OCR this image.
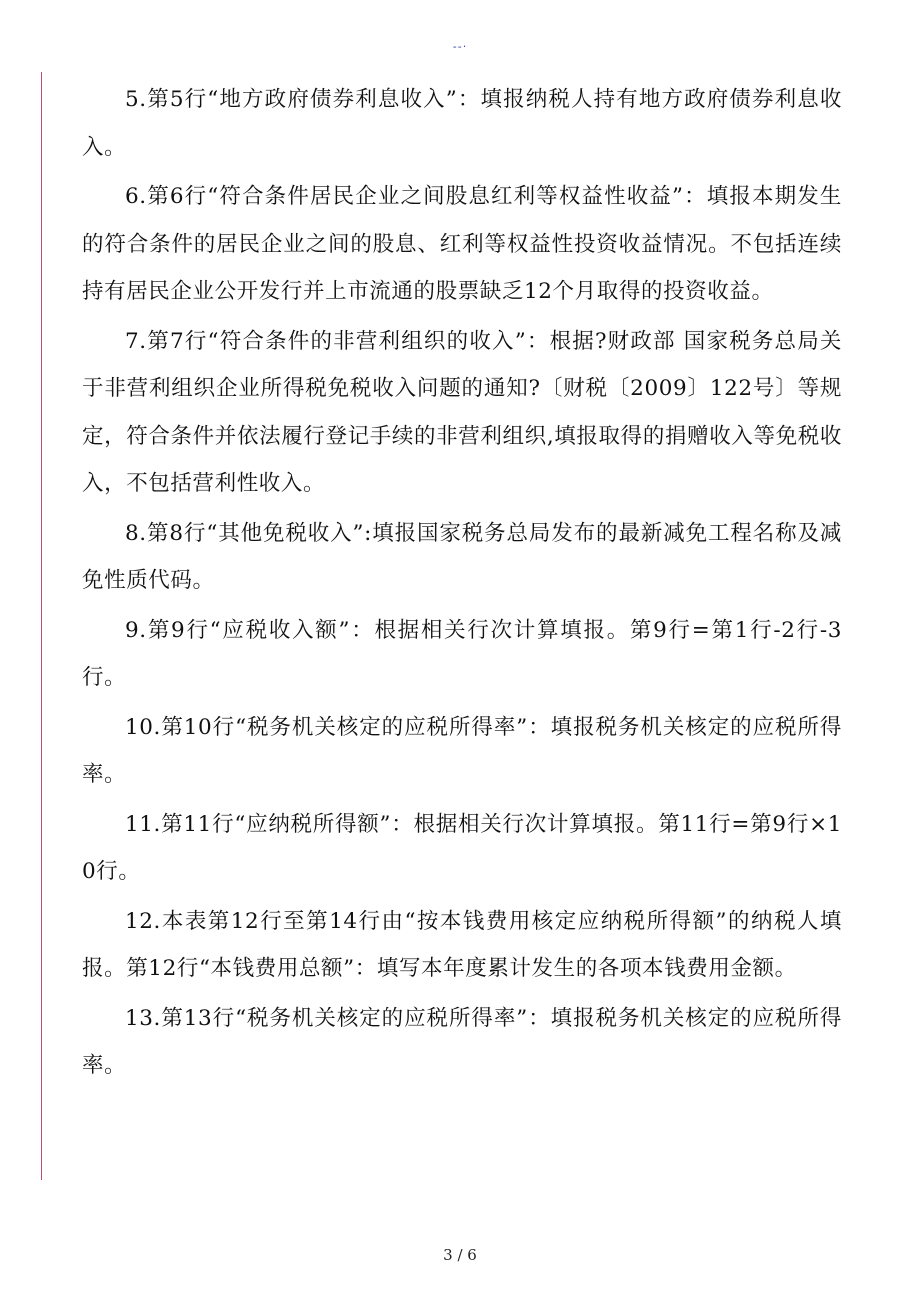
--·

5.第5行“地方政府债券利息收入”：填报纳税人持有地方政府债券利息收入。

6.第6行“符合条件居民企业之间股息红利等权益性收益”：填报本期发生的符合条件的居民企业之间的股息、红利等权益性投资收益情况。不包括连续持有居民企业公开发行并上市流通的股票缺乏12个月取得的投资收益。

7.第7行“符合条件的非营利组织的收入”：根据?财政部 国家税务总局关于非营利组织企业所得税免税收入问题的通知?〔财税〔2009〕122号〕等规定，符合条件并依法履行登记手续的非营利组织,填报取得的捐赠收入等免税收入，不包括营利性收入。

8.第8行“其他免税收入”:填报国家税务总局发布的最新减免工程名称及减免性质代码。

9.第9行“应税收入额”：根据相关行次计算填报。第9行=第1行-2行-3行。

10.第10行“税务机关核定的应税所得率”：填报税务机关核定的应税所得率。

11.第11行“应纳税所得额”：根据相关行次计算填报。第11行=第9行×10行。

12.本表第12行至第14行由“按本钱费用核定应纳税所得额”的纳税人填报。第12行“本钱费用总额”：填写本年度累计发生的各项本钱费用金额。

13.第13行“税务机关核定的应税所得率”：填报税务机关核定的应税所得率。

3 / 6
